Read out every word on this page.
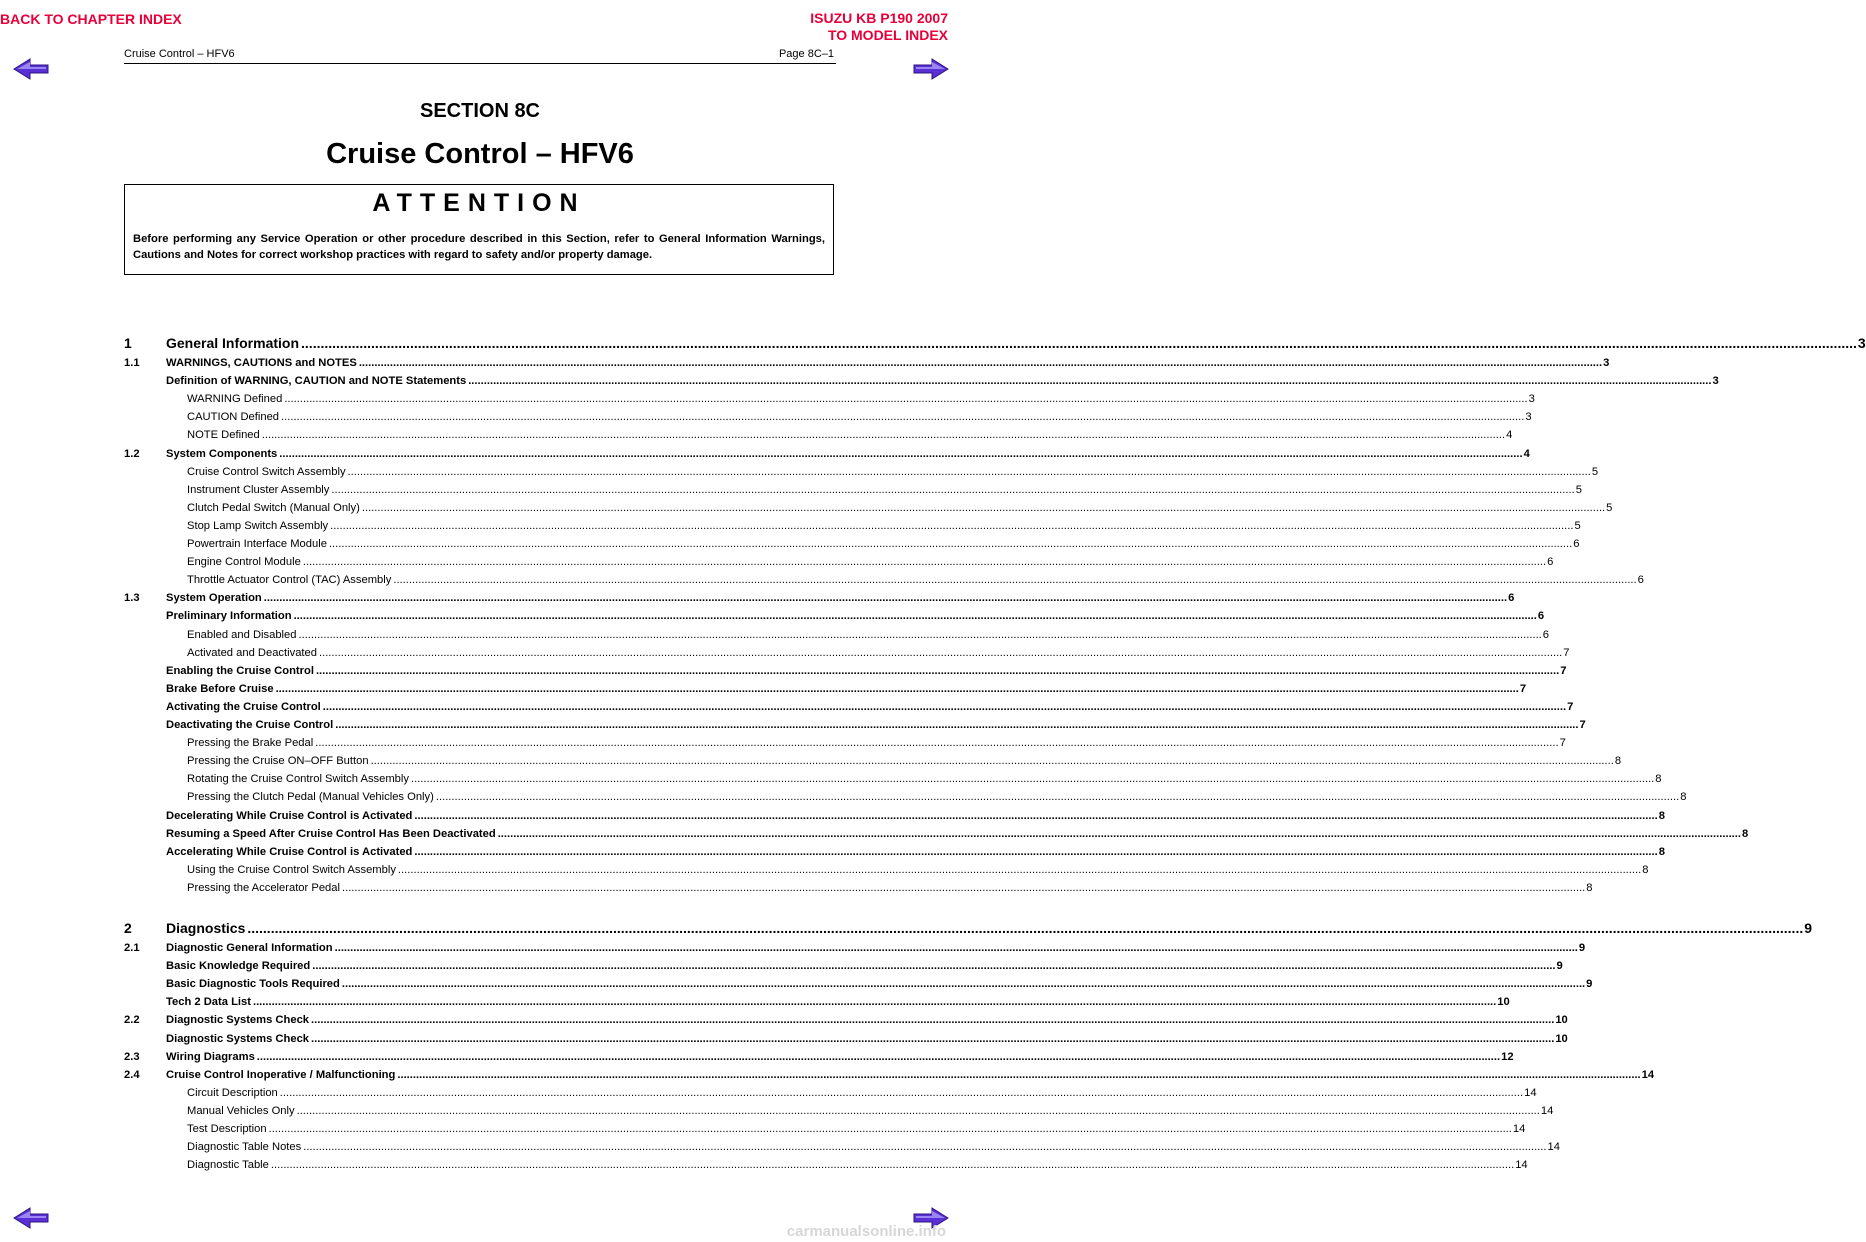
BACK TO CHAPTER INDEX	ISUZU KB P190 2007
TO MODEL INDEX
Cruise Control – HFV6	Page 8C–1
SECTION 8C
Cruise Control – HFV6
ATTENTION
Before performing any Service Operation or other procedure described in this Section, refer to General Information Warnings, Cautions and Notes for correct workshop practices with regard to safety and/or property damage.
1	General Information ................................................................................................................................................................................................................................................................................................................................................................................................................ 3
1.1	WARNINGS, CAUTIONS and NOTES ................................................................................................................................................................................................................................................................................................................................................................................................................ 3
Definition of WARNING, CAUTION and NOTE Statements ................................................................................................................................................................................................................................................................................................................................................................................................................ 3
WARNING Defined ................................................................................................................................................................................................................................................................................................................................................................................................................ 3
CAUTION Defined ................................................................................................................................................................................................................................................................................................................................................................................................................ 3
NOTE Defined ................................................................................................................................................................................................................................................................................................................................................................................................................ 4
1.2	System Components ................................................................................................................................................................................................................................................................................................................................................................................................................ 4
Cruise Control Switch Assembly ................................................................................................................................................................................................................................................................................................................................................................................................................ 5
Instrument Cluster Assembly ................................................................................................................................................................................................................................................................................................................................................................................................................ 5
Clutch Pedal Switch (Manual Only) ................................................................................................................................................................................................................................................................................................................................................................................................................ 5
Stop Lamp Switch Assembly ................................................................................................................................................................................................................................................................................................................................................................................................................ 5
Powertrain Interface Module ................................................................................................................................................................................................................................................................................................................................................................................................................ 6
Engine Control Module ................................................................................................................................................................................................................................................................................................................................................................................................................ 6
Throttle Actuator Control (TAC) Assembly ................................................................................................................................................................................................................................................................................................................................................................................................................ 6
1.3	System Operation ................................................................................................................................................................................................................................................................................................................................................................................................................ 6
Preliminary Information ................................................................................................................................................................................................................................................................................................................................................................................................................ 6
Enabled and Disabled ................................................................................................................................................................................................................................................................................................................................................................................................................ 6
Activated and Deactivated ................................................................................................................................................................................................................................................................................................................................................................................................................ 7
Enabling the Cruise Control ................................................................................................................................................................................................................................................................................................................................................................................................................ 7
Brake Before Cruise ................................................................................................................................................................................................................................................................................................................................................................................................................ 7
Activating the Cruise Control ................................................................................................................................................................................................................................................................................................................................................................................................................ 7
Deactivating the Cruise Control ................................................................................................................................................................................................................................................................................................................................................................................................................ 7
Pressing the Brake Pedal ................................................................................................................................................................................................................................................................................................................................................................................................................ 7
Pressing the Cruise ON–OFF Button ................................................................................................................................................................................................................................................................................................................................................................................................................ 8
Rotating the Cruise Control Switch Assembly ................................................................................................................................................................................................................................................................................................................................................................................................................ 8
Pressing the Clutch Pedal (Manual Vehicles Only) ................................................................................................................................................................................................................................................................................................................................................................................................................ 8
Decelerating While Cruise Control is Activated ................................................................................................................................................................................................................................................................................................................................................................................................................ 8
Resuming a Speed After Cruise Control Has Been Deactivated ................................................................................................................................................................................................................................................................................................................................................................................................................ 8
Accelerating While Cruise Control is Activated ................................................................................................................................................................................................................................................................................................................................................................................................................ 8
Using the Cruise Control Switch Assembly ................................................................................................................................................................................................................................................................................................................................................................................................................ 8
Pressing the Accelerator Pedal ................................................................................................................................................................................................................................................................................................................................................................................................................ 8
2	Diagnostics ................................................................................................................................................................................................................................................................................................................................................................................................................ 9
2.1	Diagnostic General Information ................................................................................................................................................................................................................................................................................................................................................................................................................ 9
Basic Knowledge Required ................................................................................................................................................................................................................................................................................................................................................................................................................ 9
Basic Diagnostic Tools Required ................................................................................................................................................................................................................................................................................................................................................................................................................ 9
Tech 2 Data List ................................................................................................................................................................................................................................................................................................................................................................................................................ 10
2.2	Diagnostic Systems Check ................................................................................................................................................................................................................................................................................................................................................................................................................ 10
Diagnostic Systems Check ................................................................................................................................................................................................................................................................................................................................................................................................................ 10
2.3	Wiring Diagrams ................................................................................................................................................................................................................................................................................................................................................................................................................ 12
2.4	Cruise Control Inoperative / Malfunctioning ................................................................................................................................................................................................................................................................................................................................................................................................................ 14
Circuit Description ................................................................................................................................................................................................................................................................................................................................................................................................................ 14
Manual Vehicles Only ................................................................................................................................................................................................................................................................................................................................................................................................................ 14
Test Description ................................................................................................................................................................................................................................................................................................................................................................................................................ 14
Diagnostic Table Notes ................................................................................................................................................................................................................................................................................................................................................................................................................ 14
Diagnostic Table ................................................................................................................................................................................................................................................................................................................................................................................................................ 14
carmanualsonline.info
